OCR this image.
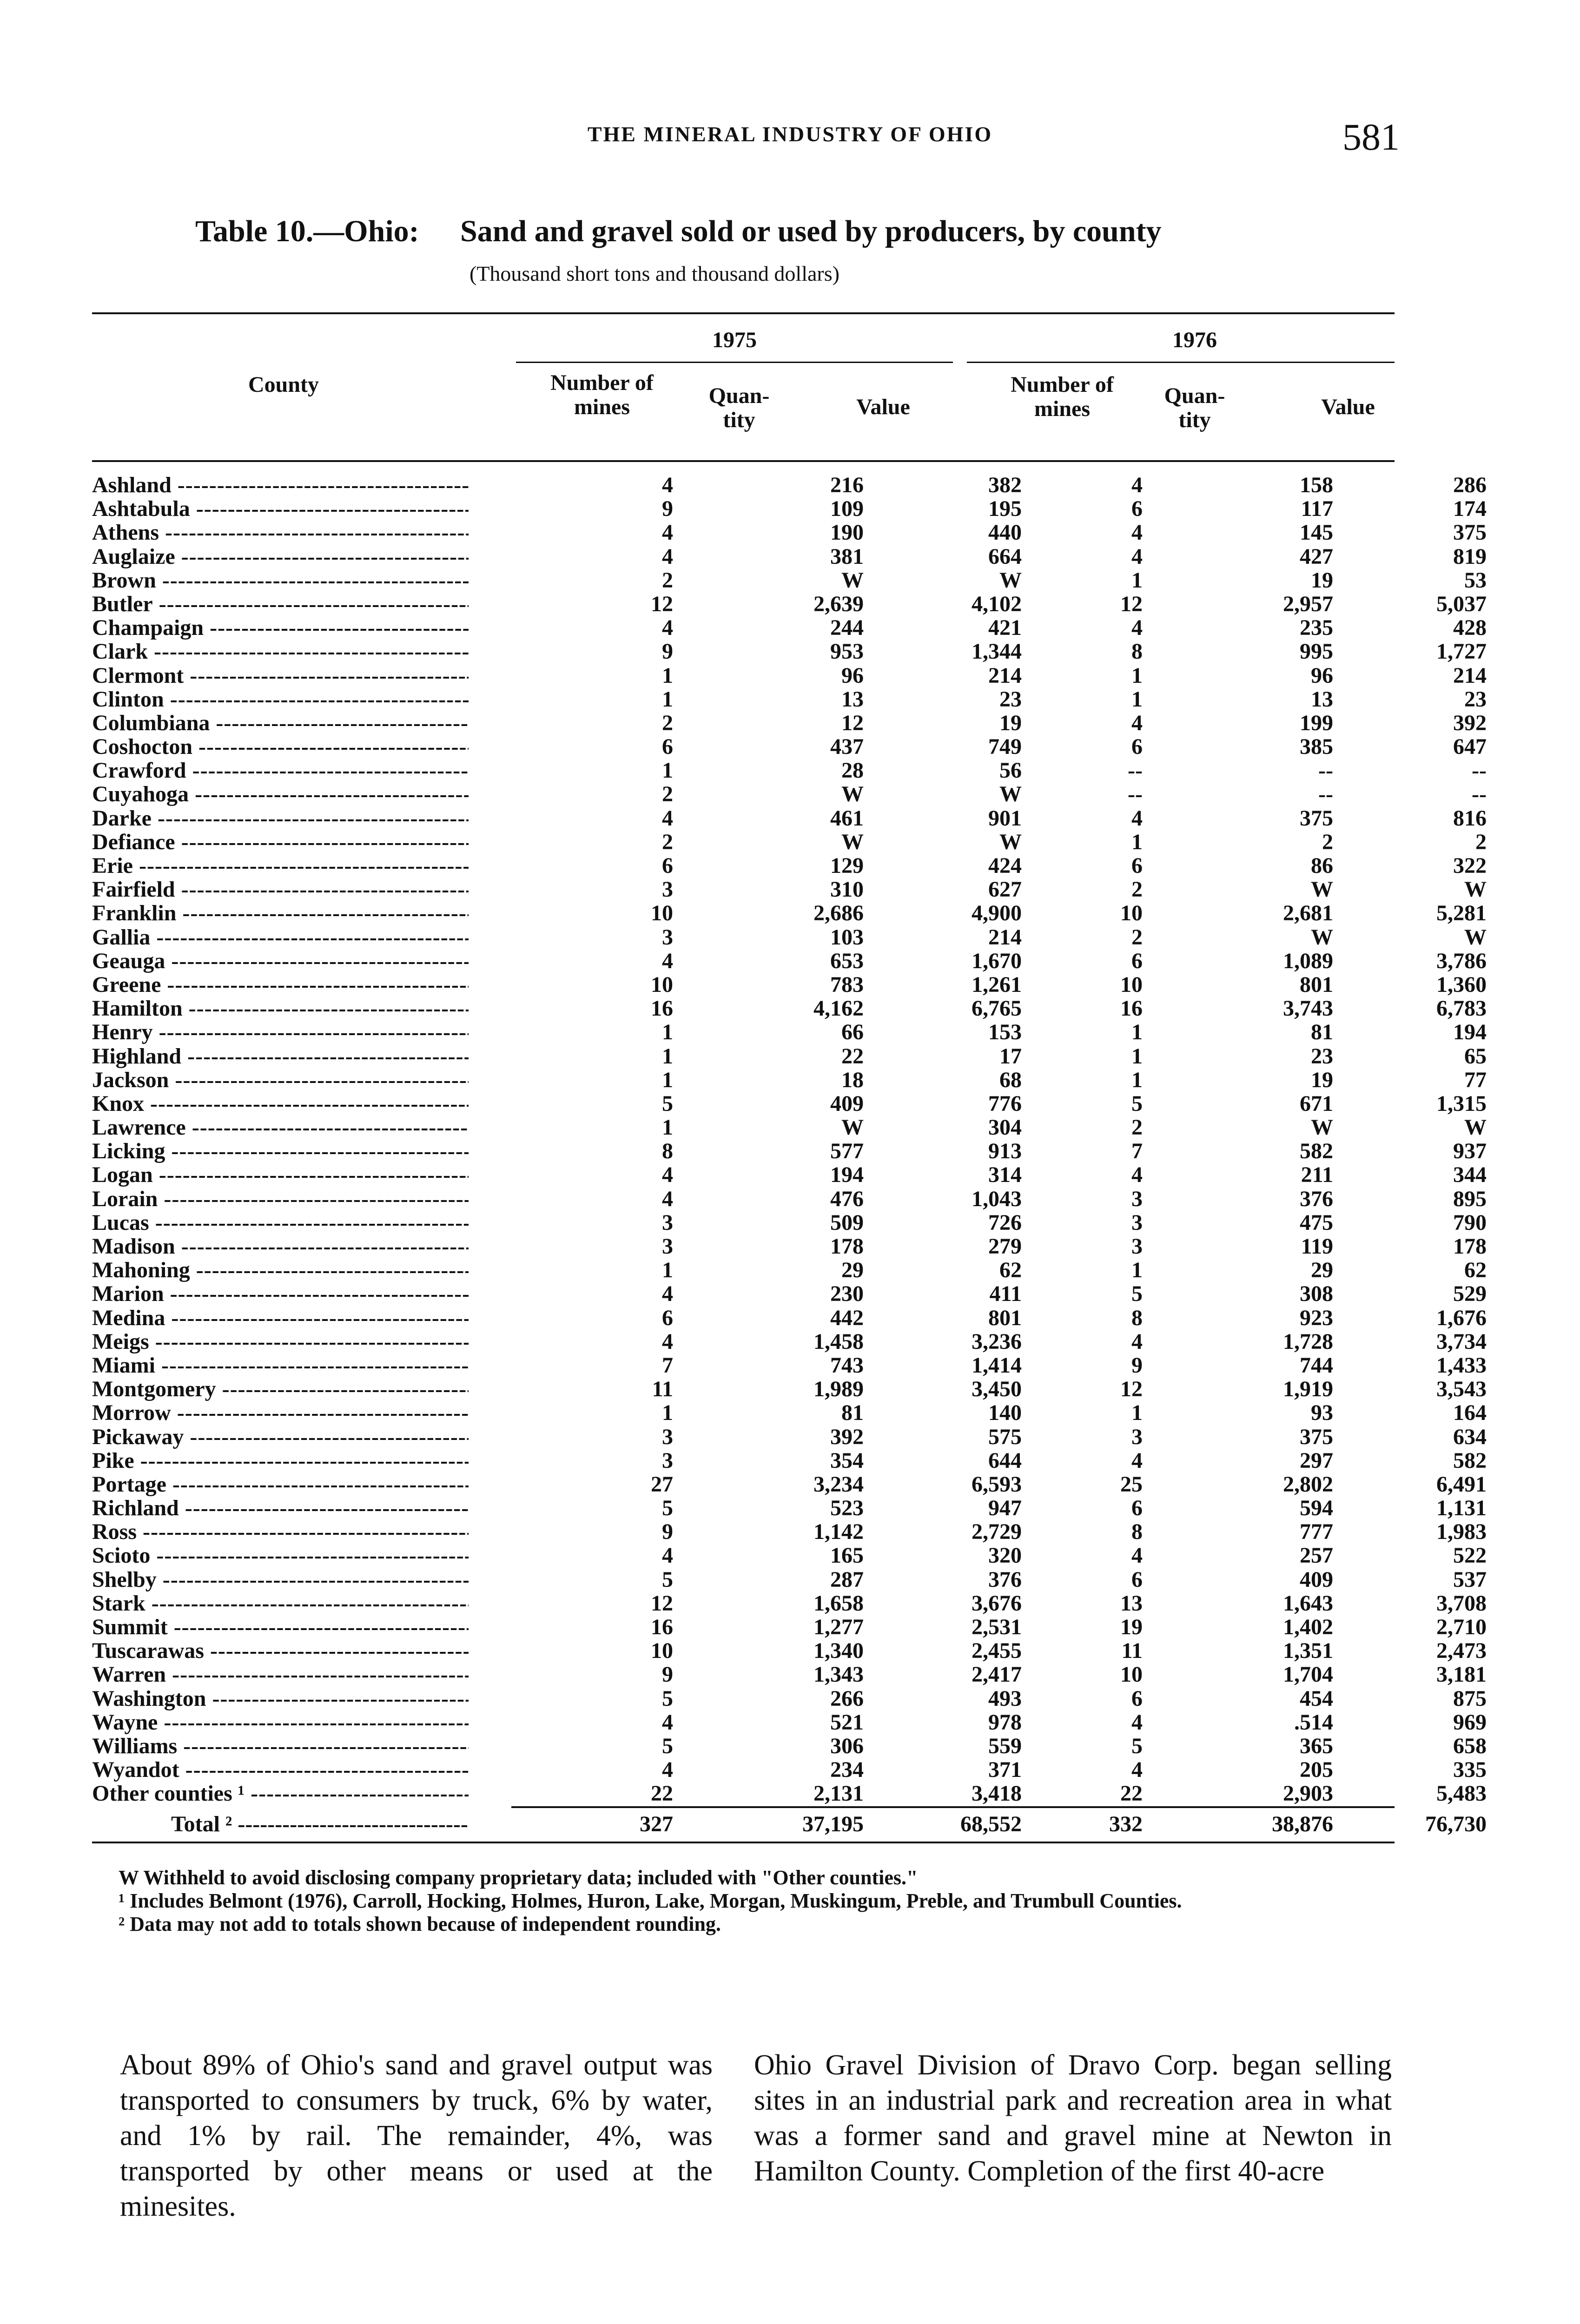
THE MINERAL INDUSTRY OF OHIO	581
Table 10.—Ohio: Sand and gravel sold or used by producers, by county
(Thousand short tons and thousand dollars)
County
1975	1976
Number of mines	Quan- tity
Value
Number of mines
Quan- tity
Value
Ashland -----	4	216	382	4	158	286
Ashtabula -----	9	109	195	6	117	174
Athens -----	4	190	440	4	145	375
Auglaize -----	4	381	664	4	427	819
Brown -----	2	W	W	1	19	53
Butler -----	12	2,639	4,102	12	2,957	5,037
Champaign -----	4	244	421	4	235	428
Clark -----	9	953	1,344	8	995	1,727
Clermont -----	1	96	214	1	96	214
Clinton -----	1	13	23	1	13	23
Columbiana -----	2	12	19	4	199	392
Coshocton -----	6	437	749	6	385	647
Crawford -----	1	28	56	--	--	--
Cuyahoga -----	2	W	W	--	--	--
Darke -----	4	461	901	4	375	816
Defiance -----	2	W	W	1	2	2
Erie -----	6	129	424	6	86	322
Fairfield -----	3	310	627	2	W	W
Franklin -----	10	2,686	4,900	10	2,681	5,281
Gallia -----	3	103	214	2	W	W
Geauga -----	4	653	1,670	6	1,089	3,786
Greene -----	10	783	1,261	10	801	1,360
Hamilton -----	16	4,162	6,765	16	3,743	6,783
Henry -----	1	66	153	1	81	194
Highland -----	1	22	17	1	23	65
Jackson -----	1	18	68	1	19	77
Knox -----	5	409	776	5	671	1,315
Lawrence -----	1	W	304	2	W	W
Licking -----	8	577	913	7	582	937
Logan -----	4	194	314	4	211	344
Lorain -----	4	476	1,043	3	376	895
Lucas -----	3	509	726	3	475	790
Madison -----	3	178	279	3	119	178
Mahoning -----	1	29	62	1	29	62
Marion -----	4	230	411	5	308	529
Medina -----	6	442	801	8	923	1,676
Meigs -----	4	1,458	3,236	4	1,728	3,734
Miami -----	7	743	1,414	9	744	1,433
Montgomery -----	11	1,989	3,450	12	1,919	3,543
Morrow -----	1	81	140	1	93	164
Pickaway -----	3	392	575	3	375	634
Pike -----	3	354	644	4	297	582
Portage -----	27	3,234	6,593	25	2,802	6,491
Richland -----	5	523	947	6	594	1,131
Ross -----	9	1,142	2,729	8	777	1,983
Scioto -----	4	165	320	4	257	522
Shelby -----	5	287	376	6	409	537
Stark -----	12	1,658	3,676	13	1,643	3,708
Summit -----	16	1,277	2,531	19	1,402	2,710
Tuscarawas -----	10	1,340	2,455	11	1,351	2,473
Warren -----	9	1,343	2,417	10	1,704	3,181
Washington -----	5	266	493	6	454	875
Wayne -----	4	521	978	4	.514	969
Williams -----	5	306	559	5	365	658
Wyandot -----	4	234	371	4	205	335
Other counties ¹ -----	22	2,131	3,418	22	2,903	5,483
Total ² -----	327	37,195	68,552	332	38,876	76,730

W Withheld to avoid disclosing company proprietary data; included with "Other counties."

¹ Includes Belmont (1976), Carroll, Hocking, Holmes, Huron, Lake, Morgan, Muskingum, Preble, and Trumbull Counties.

² Data may not add to totals shown because of independent rounding.

About 89% of Ohio's sand and gravel output was transported to consumers by truck, 6% by water, and 1% by rail. The remainder, 4%, was transported by other means or used at the minesites.
Ohio Gravel Division of Dravo Corp. began selling sites in an industrial park and recreation area in what was a former sand and gravel mine at Newton in Hamilton County. Completion of the first 40-acre
